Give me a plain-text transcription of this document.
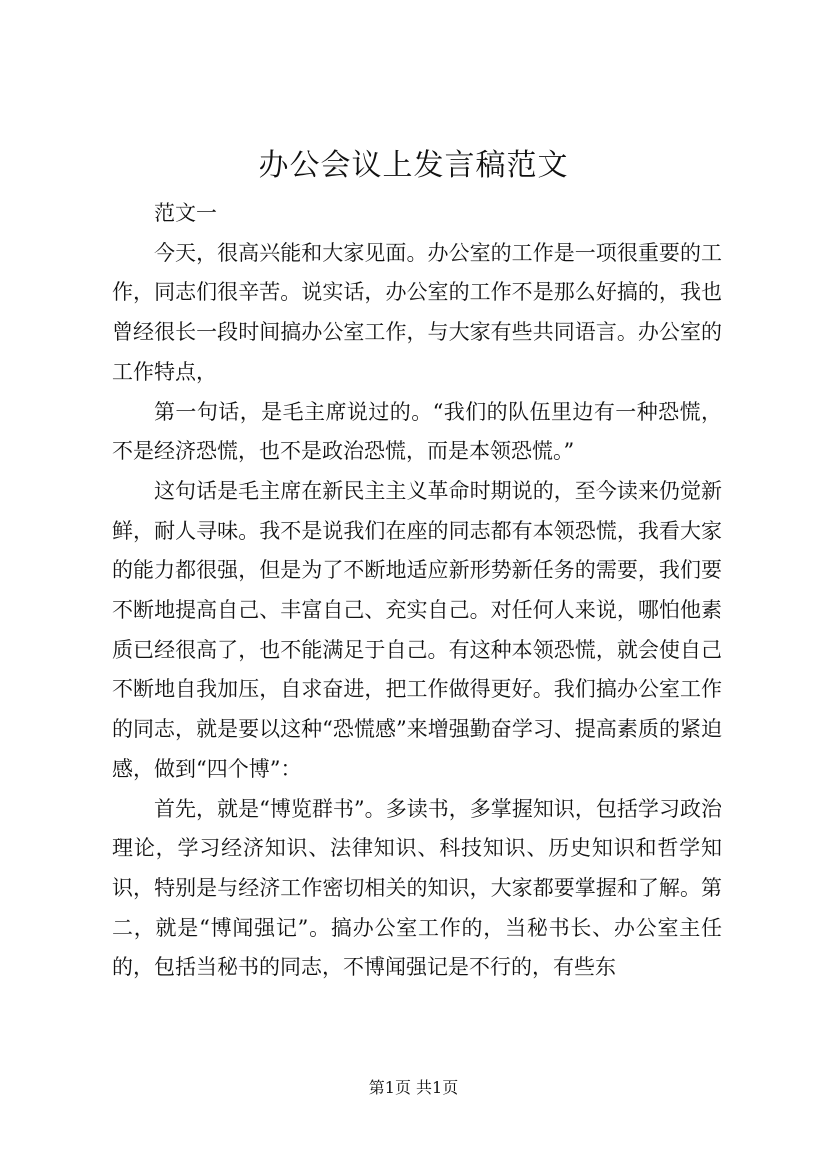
办公会议上发言稿范文

范文一

今天，很高兴能和大家见面。办公室的工作是一项很重要的工作，同志们很辛苦。说实话，办公室的工作不是那么好搞的，我也曾经很长一段时间搞办公室工作，与大家有些共同语言。办公室的工作特点，

第一句话，是毛主席说过的。“我们的队伍里边有一种恐慌，不是经济恐慌，也不是政治恐慌，而是本领恐慌。”

这句话是毛主席在新民主主义革命时期说的，至今读来仍觉新鲜，耐人寻味。我不是说我们在座的同志都有本领恐慌，我看大家的能力都很强，但是为了不断地适应新形势新任务的需要，我们要不断地提高自己、丰富自己、充实自己。对任何人来说，哪怕他素质已经很高了，也不能满足于自己。有这种本领恐慌，就会使自己不断地自我加压，自求奋进，把工作做得更好。我们搞办公室工作的同志，就是要以这种“恐慌感”来增强勤奋学习、提高素质的紧迫感，做到“四个博”：

首先，就是“博览群书”。多读书，多掌握知识，包括学习政治理论，学习经济知识、法律知识、科技知识、历史知识和哲学知识，特别是与经济工作密切相关的知识，大家都要掌握和了解。第二，就是“博闻强记”。搞办公室工作的，当秘书长、办公室主任的，包括当秘书的同志，不博闻强记是不行的，有些东

第1页 共1页
